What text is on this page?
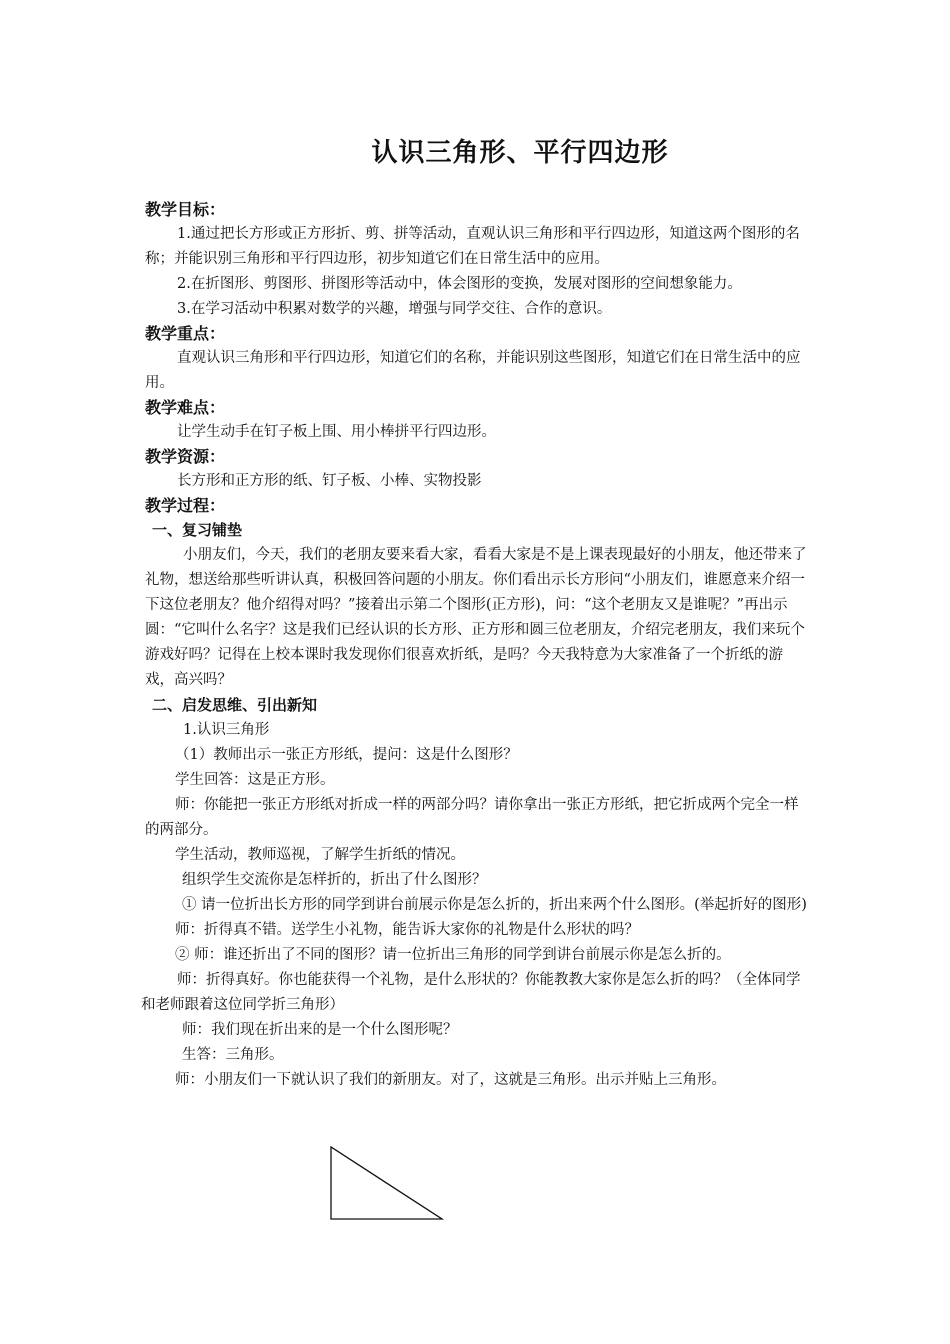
认识三角形、平行四边形
教学目标：

1.通过把长方形或正方形折、剪、拼等活动，直观认识三角形和平行四边形，知道这两个图形的名称；并能识别三角形和平行四边形，初步知道它们在日常生活中的应用。

2.在折图形、剪图形、拼图形等活动中，体会图形的变换，发展对图形的空间想象能力。

3.在学习活动中积累对数学的兴趣，增强与同学交往、合作的意识。

教学重点：

直观认识三角形和平行四边形，知道它们的名称，并能识别这些图形，知道它们在日常生活中的应用。

教学难点：

让学生动手在钉子板上围、用小棒拼平行四边形。

教学资源：

长方形和正方形的纸、钉子板、小棒、实物投影

教学过程：
一、复习铺垫

小朋友们，今天，我们的老朋友要来看大家，看看大家是不是上课表现最好的小朋友，他还带来了礼物，想送给那些听讲认真，积极回答问题的小朋友。你们看出示长方形问“小朋友们，谁愿意来介绍一下这位老朋友？他介绍得对吗？”接着出示第二个图形(正方形)，问：“这个老朋友又是谁呢？”再出示圆：“它叫什么名字？这是我们已经认识的长方形、正方形和圆三位老朋友，介绍完老朋友，我们来玩个游戏好吗？记得在上校本课时我发现你们很喜欢折纸，是吗？今天我特意为大家准备了一个折纸的游戏，高兴吗？

二、启发思维、引出新知

1.认识三角形

（1）教师出示一张正方形纸，提问：这是什么图形？

学生回答：这是正方形。

师：你能把一张正方形纸对折成一样的两部分吗？请你拿出一张正方形纸，把它折成两个完全一样的两部分。

学生活动，教师巡视，了解学生折纸的情况。

组织学生交流你是怎样折的，折出了什么图形？

① 请一位折出长方形的同学到讲台前展示你是怎么折的，折出来两个什么图形。(举起折好的图形)

师：折得真不错。送学生小礼物，能告诉大家你的礼物是什么形状的吗？

② 师：谁还折出了不同的图形？请一位折出三角形的同学到讲台前展示你是怎么折的。

师：折得真好。你也能获得一个礼物，是什么形状的？你能教教大家你是怎么折的吗？（全体同学和老师跟着这位同学折三角形）

师：我们现在折出来的是一个什么图形呢？

生答：三角形。

师：小朋友们一下就认识了我们的新朋友。对了，这就是三角形。出示并贴上三角形。
